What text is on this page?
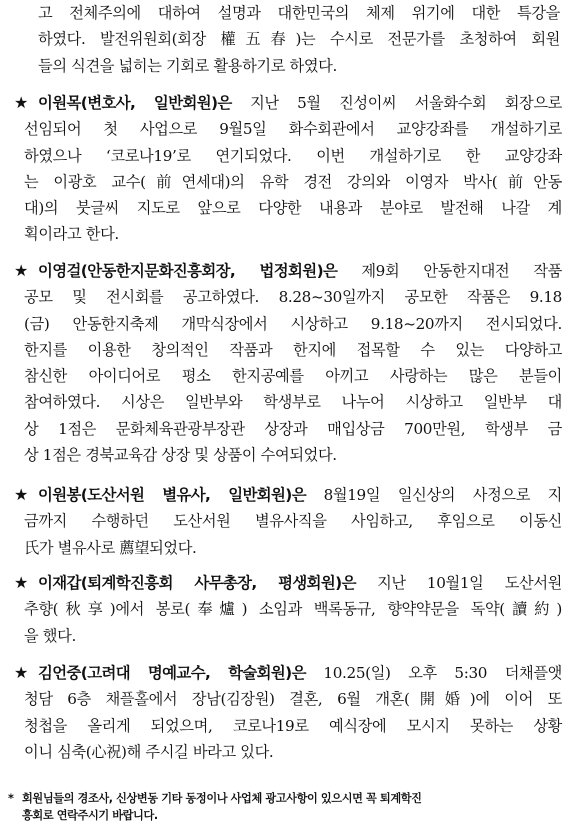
고 전체주의에 대하여 설명과 대한민국의 체제 위기에 대한 특강을
하였다. 발전위원회(회장 權五春)는 수시로 전문가를 초청하여 회원
들의 식견을 넓히는 기회로 활용하기로 하였다.
★ 이원목(변호사, 일반회원)은 지난 5월 진성이씨 서울화수회 회장으로
선임되어 첫 사업으로 9월5일 화수회관에서 교양강좌를 개설하기로
하였으나 ‘코로나19’로 연기되었다. 이번 개설하기로 한 교양강좌
는 이광호 교수(前연세대)의 유학 경전 강의와 이영자 박사(前안동
대)의 붓글씨 지도로 앞으로 다양한 내용과 분야로 발전해 나갈 계
획이라고 한다.
★ 이영걸(안동한지문화진흥회장, 법정회원)은 제9회 안동한지대전 작품
공모 및 전시회를 공고하였다. 8.28~30일까지 공모한 작품은 9.18
(금) 안동한지축제 개막식장에서 시상하고 9.18~20까지 전시되었다.
한지를 이용한 창의적인 작품과 한지에 접목할 수 있는 다양하고
참신한 아이디어로 평소 한지공예를 아끼고 사랑하는 많은 분들이
참여하였다. 시상은 일반부와 학생부로 나누어 시상하고 일반부 대
상 1점은 문화체육관광부장관 상장과 매입상금 700만원, 학생부 금
상 1점은 경북교육감 상장 및 상품이 수여되었다.
★ 이원봉(도산서원 별유사, 일반회원)은 8월19일 일신상의 사정으로 지
금까지 수행하던 도산서원 별유사직을 사임하고, 후임으로 이동신
氏가 별유사로 薦望되었다.
★ 이재갑(퇴계학진흥회 사무총장, 평생회원)은 지난 10월1일 도산서원
추향(秋享)에서 봉로(奉爐) 소임과 백록동규, 향약약문을 독약(讀約)
을 했다.
★ 김언중(고려대 명예교수, 학술회원)은 10.25(일) 오후 5:30 더채플앳
청담 6층 채플홀에서 장남(김장원) 결혼, 6월 개혼(開婚)에 이어 또
청첩을 올리게 되었으며, 코로나19로 예식장에 모시지 못하는 상황
이니 심축(心祝)해 주시길 바라고 있다.
* 회원님들의 경조사, 신상변동 기타 동정이나 사업체 광고사항이 있으시면 꼭 퇴계학진
흥회로 연락주시기 바랍니다.
